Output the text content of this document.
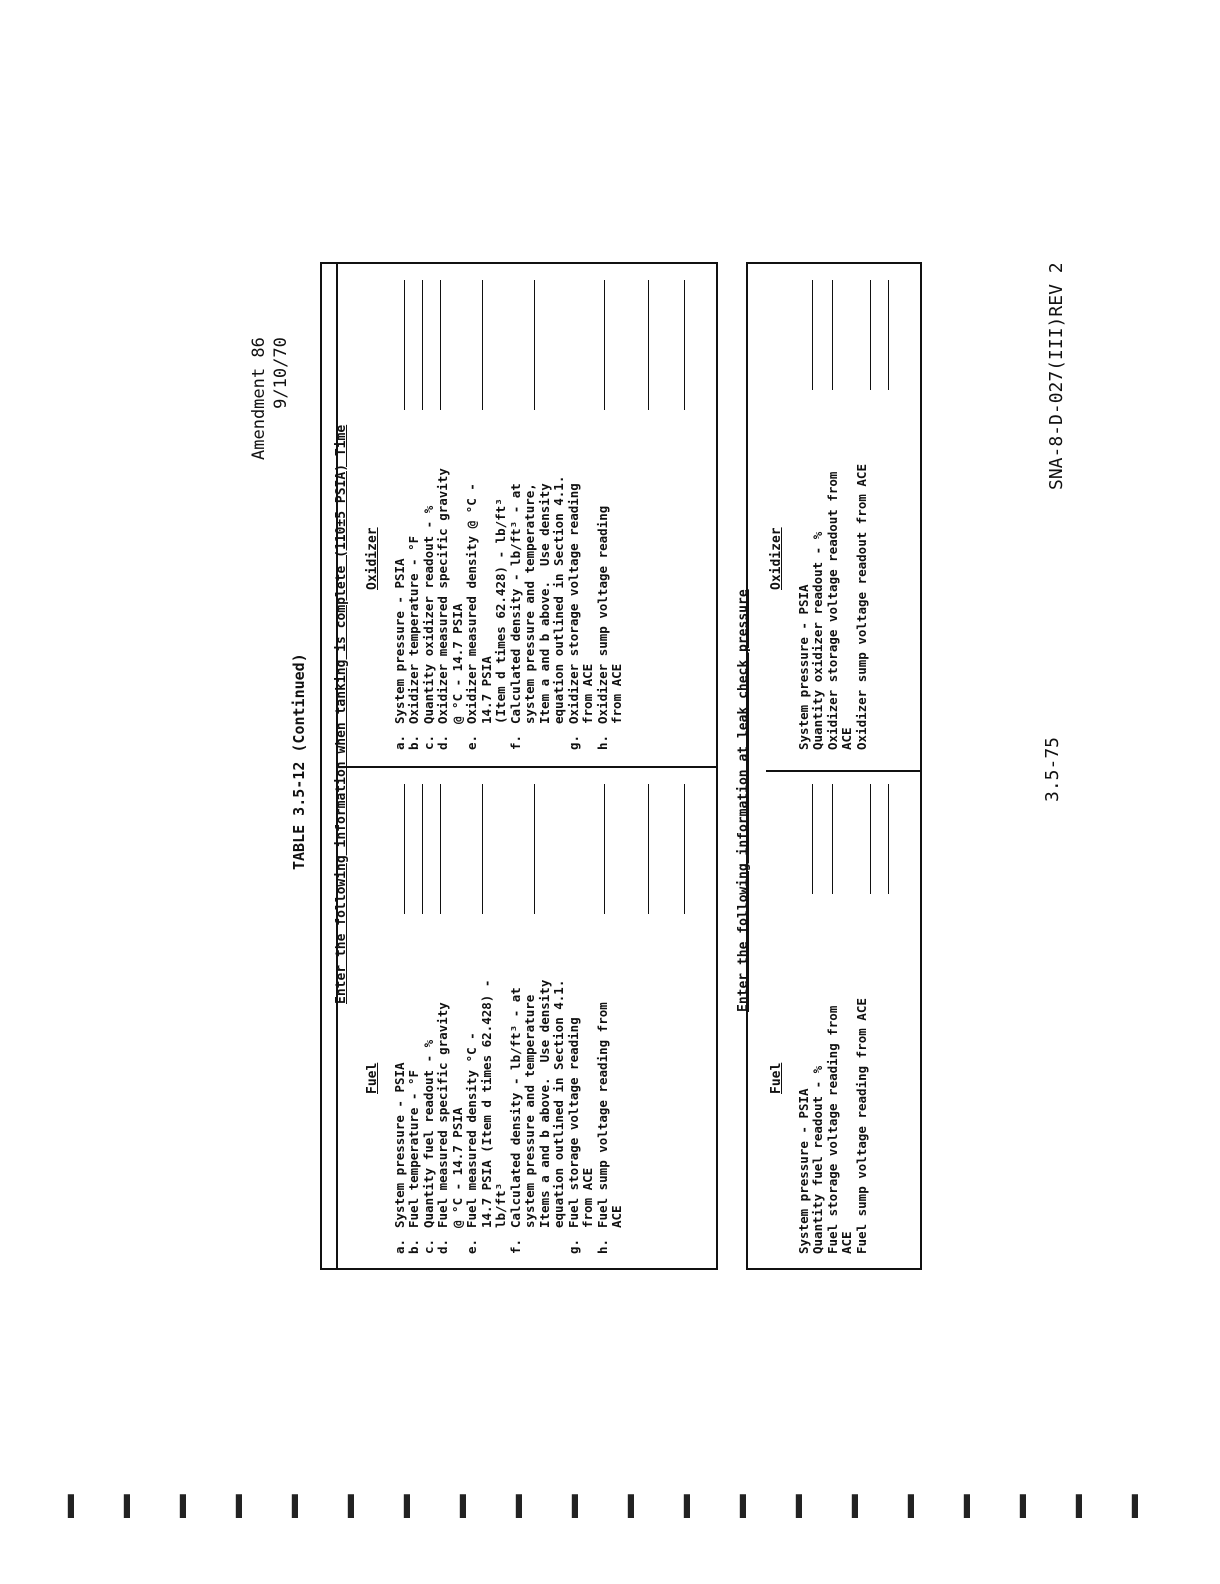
Amendment 86 9/10/70
TABLE 3.5-12 (Continued) Enter the following information when tanking is complete (110±5 PSIA) Time
Fuel
a.
System pressure - PSIA
b.
Fuel temperature - °F
c.
Quantity fuel readout - %
d.
Fuel measured specific gravity
@ °C - 14.7 PSIA
e.
Fuel measured density °C -
14.7 PSIA (Item d times 62.428) -
lb/ft³
f.
Calculated density - lb/ft³ - at
system pressure and temperature
Items a and b above.  Use density
equation outlined in Section 4.1.
g.
Fuel storage voltage reading
from ACE
h.
Fuel sump voltage reading from
ACE
Oxidizer
a.
System pressure - PSIA
b.
Oxidizer temperature - °F
c.
Quantity oxidizer readout - %
d.
Oxidizer measured specific gravity
@ °C - 14.7 PSIA
e.
Oxidizer measured density @ °C -
14.7 PSIA
(Item d times 62.428) - lb/ft³
f.
Calculated density - lb/ft³ - at
system pressure and temperature,
Item a and b above.  Use density
equation outlined in Section 4.1.
g.
Oxidizer storage voltage reading
from ACE
h.
Oxidizer sump voltage reading
from ACE	Enter the following information at leak check pressure
Fuel
System pressure - PSIA Quantity fuel readout - % Fuel storage voltage reading from
ACE Fuel sump voltage reading from ACE
Oxidizer
System pressure - PSIA Quantity oxidizer readout - % Oxidizer storage voltage readout from
ACE Oxidizer sump voltage readout from ACE
3.5-75
SNA-8-D-027(III)REV 2
▌ ▌ ▌ ▌ ▌ ▌ ▌ ▌ ▌ ▌ ▌ ▌ ▌ ▌ ▌ ▌ ▌ ▌ ▌ ▌
